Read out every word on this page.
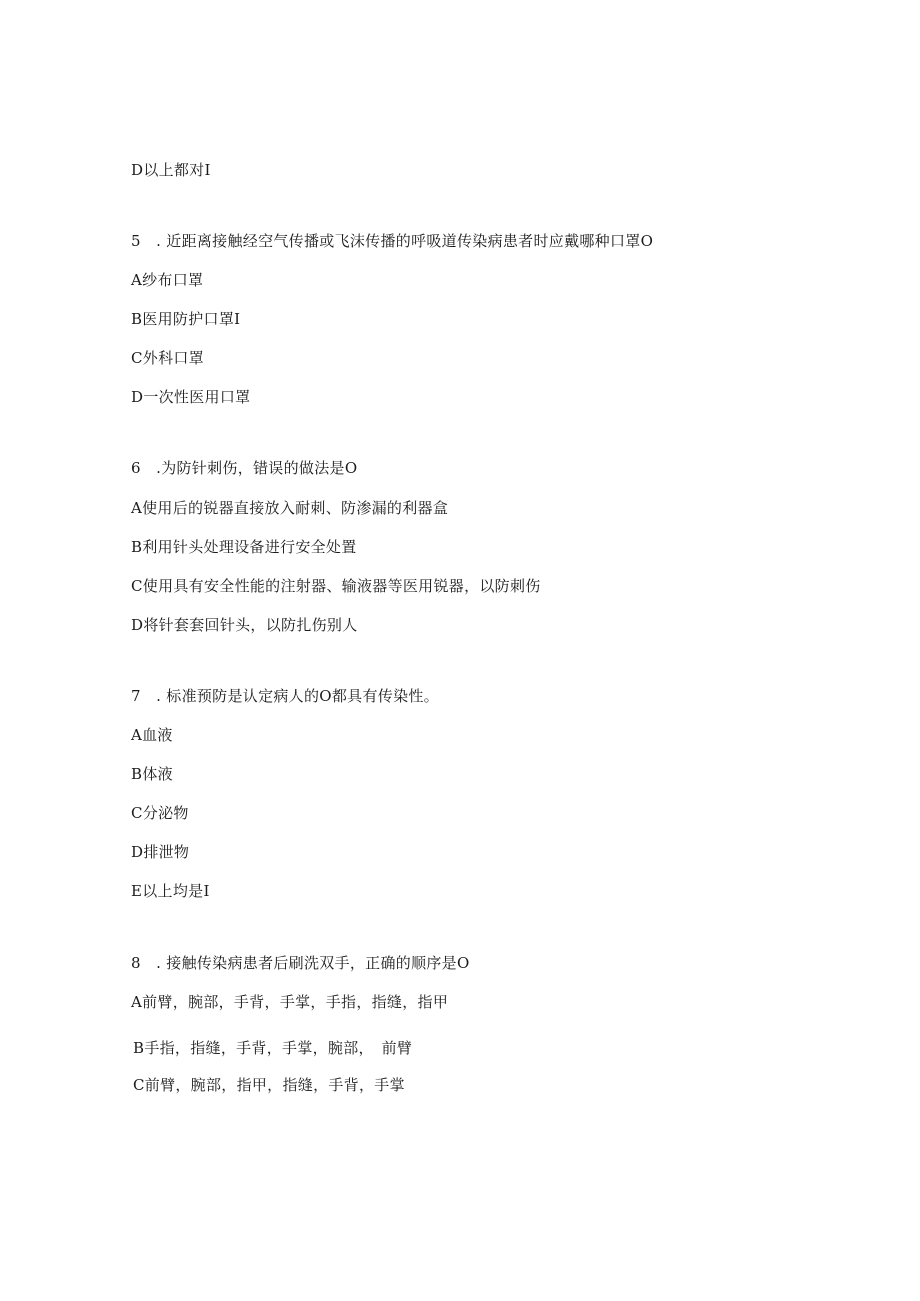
D以上都对I
5　. 近距离接触经空气传播或飞沫传播的呼吸道传染病患者时应戴哪种口罩O
A纱布口罩
B医用防护口罩I
C外科口罩
D一次性医用口罩
6　.为防针刺伤，错误的做法是O
A使用后的锐器直接放入耐刺、防渗漏的利器盒
B利用针头处理设备进行安全处置
C使用具有安全性能的注射器、输液器等医用锐器，以防刺伤
D将针套套回针头，以防扎伤别人
7　. 标准预防是认定病人的O都具有传染性。
A血液
B体液
C分泌物
D排泄物
E以上均是I
8　. 接触传染病患者后刷洗双手，正确的顺序是O
A前臂，腕部，手背，手掌，手指，指缝，指甲
B手指，指缝，手背，手掌，腕部，　前臂
C前臂，腕部，指甲，指缝，手背，手掌
